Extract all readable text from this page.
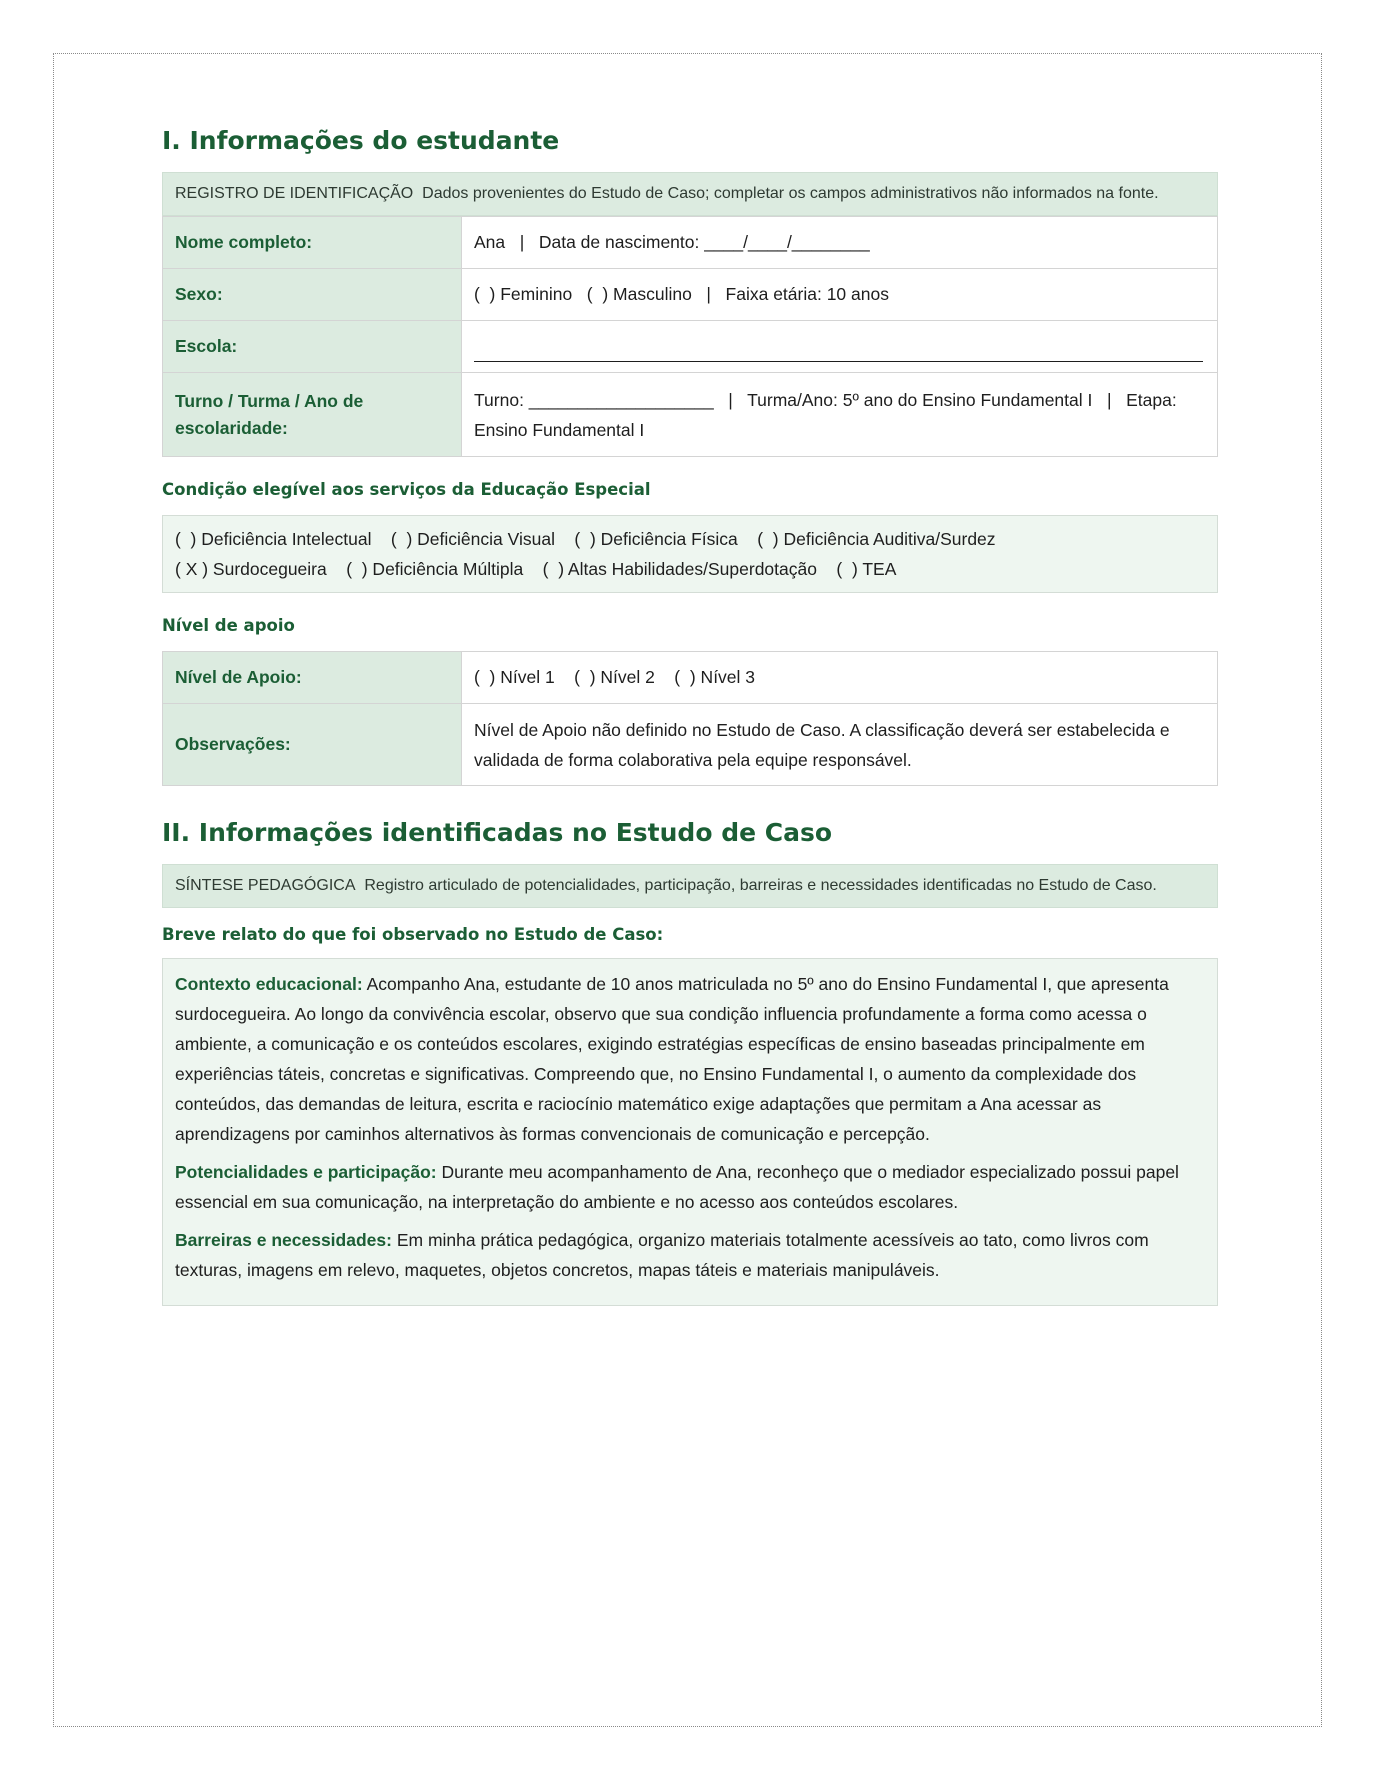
I. Informações do estudante
REGISTRO DE IDENTIFICAÇÃO Dados provenientes do Estudo de Caso; completar os campos administrativos não informados na fonte.
Nome completo:	Ana   |   Data de nascimento: ____/____/________
Sexo:	(  ) Feminino   (  ) Masculino   |   Faixa etária: 10 anos
Escola:	

Turno / Turma / Ano de escolaridade:	Turno: ___________________   |   Turma/Ano: 5º ano do Ensino Fundamental I   |   Etapa: Ensino Fundamental I
Condição elegível aos serviços da Educação Especial
(  ) Deficiência Intelectual    (  ) Deficiência Visual    (  ) Deficiência Física    (  ) Deficiência Auditiva/Surdez
( X ) Surdocegueira    (  ) Deficiência Múltipla    (  ) Altas Habilidades/Superdotação    (  ) TEA
Nível de apoio
Nível de Apoio:	(  ) Nível 1    (  ) Nível 2    (  ) Nível 3
Observações:	Nível de Apoio não definido no Estudo de Caso. A classificação deverá ser estabelecida e validada de forma colaborativa pela equipe responsável.
II. Informações identificadas no Estudo de Caso
SÍNTESE PEDAGÓGICA Registro articulado de potencialidades, participação, barreiras e necessidades identificadas no Estudo de Caso.
Breve relato do que foi observado no Estudo de Caso:

Contexto educacional: Acompanho Ana, estudante de 10 anos matriculada no 5º ano do Ensino Fundamental I, que apresenta surdocegueira. Ao longo da convivência escolar, observo que sua condição influencia profundamente a forma como acessa o ambiente, a comunicação e os conteúdos escolares, exigindo estratégias específicas de ensino baseadas principalmente em experiências táteis, concretas e significativas. Compreendo que, no Ensino Fundamental I, o aumento da complexidade dos conteúdos, das demandas de leitura, escrita e raciocínio matemático exige adaptações que permitam a Ana acessar as aprendizagens por caminhos alternativos às formas convencionais de comunicação e percepção.

Potencialidades e participação: Durante meu acompanhamento de Ana, reconheço que o mediador especializado possui papel essencial em sua comunicação, na interpretação do ambiente e no acesso aos conteúdos escolares.

Barreiras e necessidades: Em minha prática pedagógica, organizo materiais totalmente acessíveis ao tato, como livros com texturas, imagens em relevo, maquetes, objetos concretos, mapas táteis e materiais manipuláveis.
